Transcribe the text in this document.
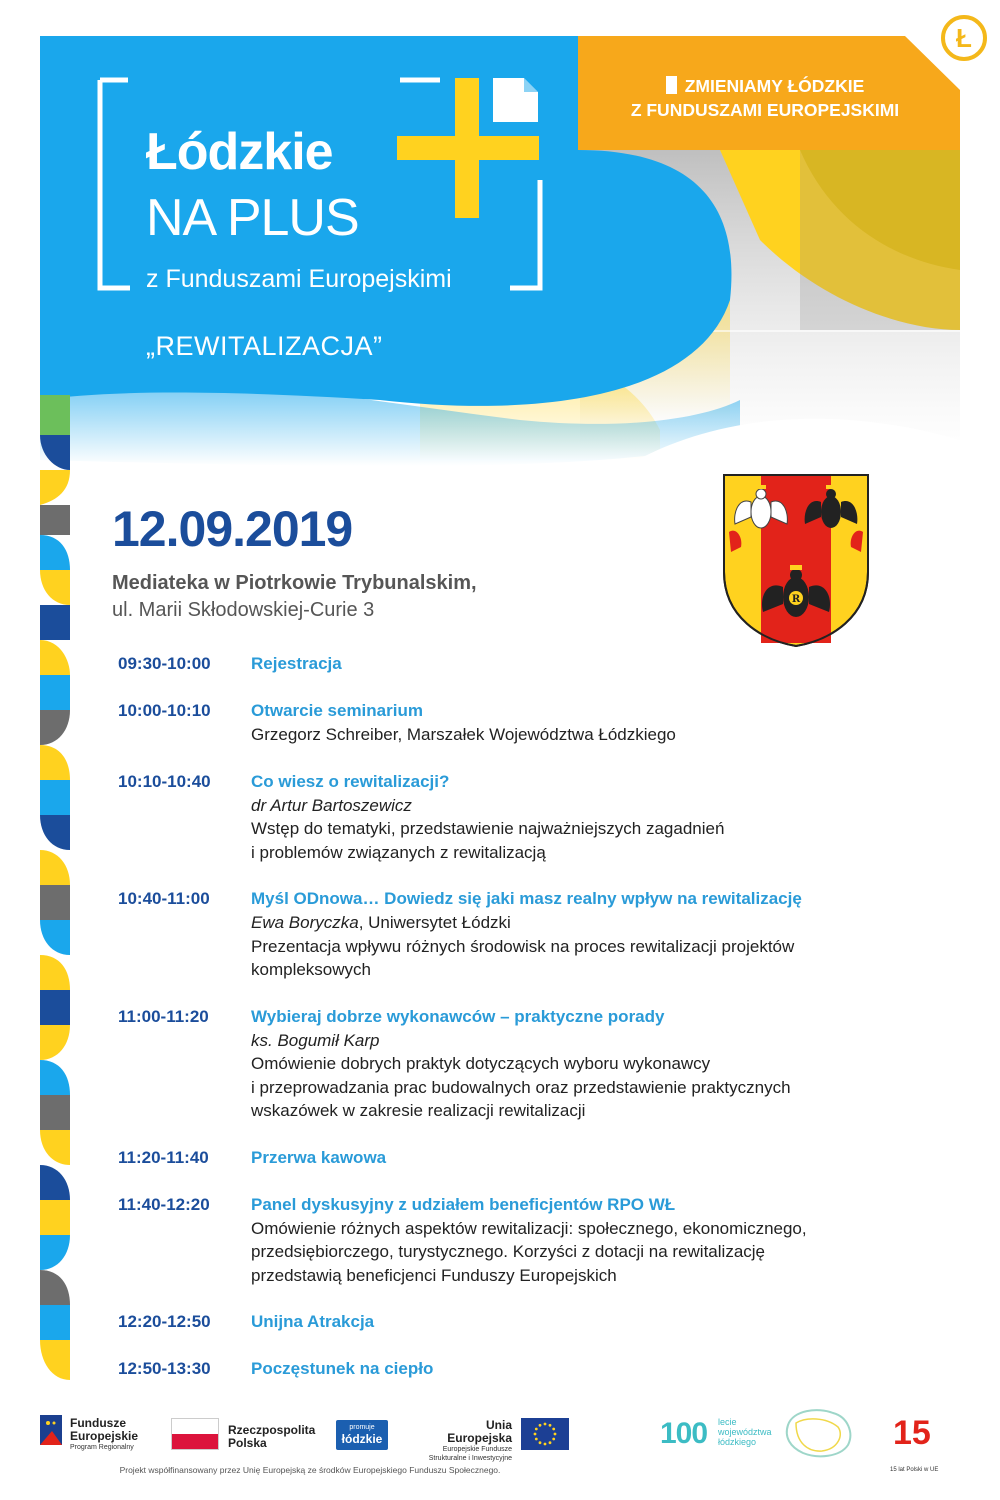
Ł
Łódzkie
NA PLUS
z Funduszami Europejskimi
„REWITALIZACJA”
ZMIENIAMY ŁÓDZKIE
Z FUNDUSZAMI EUROPEJSKIMI
12.09.2019
Mediateka w Piotrkowie Trybunalskim,
ul. Marii Skłodowskiej-Curie 3	R
09:30-10:00 Rejestracja
10:00-10:10 Otwarcie seminarium
Grzegorz Schreiber, Marszałek Województwa Łódzkiego
10:10-10:40 Co wiesz o rewitalizacji?
dr Artur Bartoszewicz
Wstęp do tematyki, przedstawienie najważniejszych zagadnień
i problemów związanych z rewitalizacją
10:40-11:00 Myśl ODnowa… Dowiedz się jaki masz realny wpływ na rewitalizację
Ewa Boryczka, Uniwersytet Łódzki
Prezentacja wpływu różnych środowisk na proces rewitalizacji projektów
kompleksowych
11:00-11:20 Wybieraj dobrze wykonawców – praktyczne porady
ks. Bogumił Karp
Omówienie dobrych praktyk dotyczących wyboru wykonawcy
i przeprowadzania prac budowalnych oraz przedstawienie praktycznych
wskazówek w zakresie realizacji rewitalizacji
11:20-11:40 Przerwa kawowa
11:40-12:20 Panel dyskusyjny z udziałem beneficjentów RPO WŁ
Omówienie różnych aspektów rewitalizacji: społecznego, ekonomicznego,
przedsiębiorczego, turystycznego. Korzyści z dotacji na rewitalizację
przedstawią beneficjenci Funduszy Europejskich
12:20-12:50 Unijna Atrakcja
12:50-13:30 Poczęstunek na ciepło
Fundusze
Europejskie
Program Regionalny
Rzeczpospolita
Polska
promuje
łódzkie
Unia Europejska
Europejskie Fundusze
Strukturalne i Inwestycyjne
100 lecie
województwa
łódzkiego	15
15 lat Polski w UE
Projekt współfinansowany przez Unię Europejską ze środków Europejskiego Funduszu Społecznego.
